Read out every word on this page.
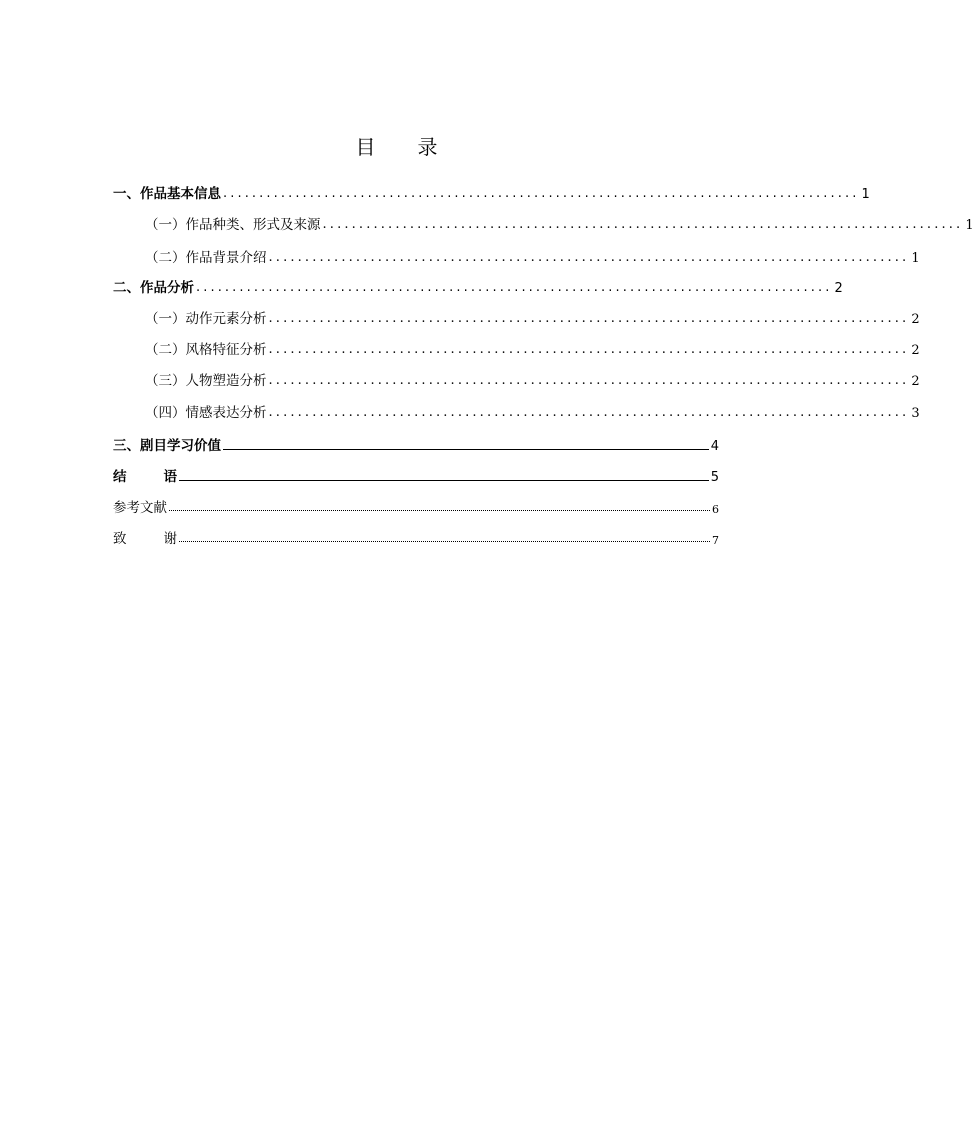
目 录
一、作品基本信息 ........................................................................................ 1
（一）作品种类、形式及来源 ........................................................................................ 1
（二）作品背景介绍 ........................................................................................ 1
二、作品分析 ........................................................................................ 2
（一）动作元素分析 ........................................................................................ 2
（二）风格特征分析 ........................................................................................ 2
（三）人物塑造分析 ........................................................................................ 2
（四）情感表达分析 ........................................................................................ 3
三、剧目学习价值	4
结	语	5
参考文献	6
致	谢	7
